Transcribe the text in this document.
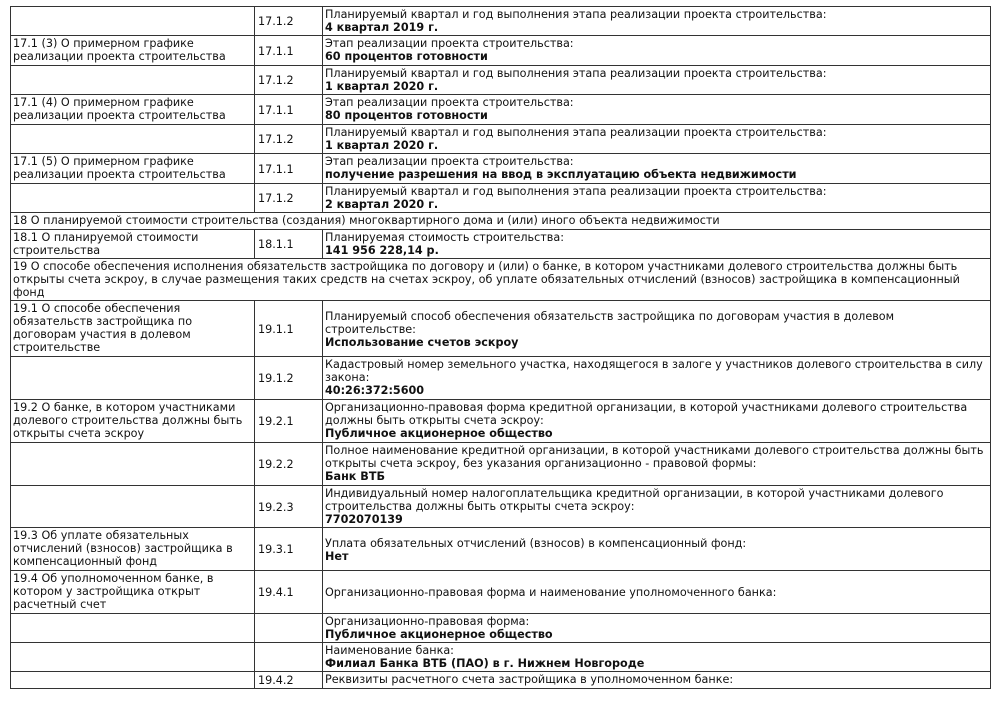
	17.1.2	Планируемый квартал и год выполнения этапа реализации проекта строительства:
4 квартал 2019 г.

17.1 (3) О примерном графике реализации проекта строительства	17.1.1	Этап реализации проекта строительства:
60 процентов готовности

	17.1.2	Планируемый квартал и год выполнения этапа реализации проекта строительства:
1 квартал 2020 г.

17.1 (4) О примерном графике реализации проекта строительства	17.1.1	Этап реализации проекта строительства:
80 процентов готовности

	17.1.2	Планируемый квартал и год выполнения этапа реализации проекта строительства:
1 квартал 2020 г.

17.1 (5) О примерном графике реализации проекта строительства	17.1.1	Этап реализации проекта строительства:
получение разрешения на ввод в эксплуатацию объекта недвижимости

	17.1.2	Планируемый квартал и год выполнения этапа реализации проекта строительства:
2 квартал 2020 г.

18 О планируемой стоимости строительства (создания) многоквартирного дома и (или) иного объекта недвижимости		
18.1 О планируемой стоимости строительства	18.1.1	Планируемая стоимость строительства:
141 956 228,14 р.

19 О способе обеспечения исполнения обязательств застройщика по договору и (или) о банке, в котором участниками долевого строительства должны быть открыты счета эскроу, в случае размещения таких средств на счетах эскроу, об уплате обязательных отчислений (взносов) застройщика в компенсационный фонд		
19.1 О способе обеспечения обязательств застройщика по договорам участия в долевом строительстве	19.1.1	Планируемый способ обеспечения обязательств застройщика по договорам участия в долевом строительстве:
Использование счетов эскроу

	19.1.2	Кадастровый номер земельного участка, находящегося в залоге у участников долевого строительства в силу закона:
40:26:372:5600

19.2 О банке, в котором участниками долевого строительства должны быть открыты счета эскроу	19.2.1	Организационно-правовая форма кредитной организации, в которой участниками долевого строительства должны быть открыты счета эскроу:
Публичное акционерное общество

	19.2.2	Полное наименование кредитной организации, в которой участниками долевого строительства должны быть открыты счета эскроу, без указания организационно - правовой формы:
Банк ВТБ

	19.2.3	Индивидуальный номер налогоплательщика кредитной организации, в которой участниками долевого строительства должны быть открыты счета эскроу:
7702070139

19.3 Об уплате обязательных отчислений (взносов) застройщика в компенсационный фонд	19.3.1	Уплата обязательных отчислений (взносов) в компенсационный фонд:
Нет

19.4 Об уполномоченном банке, в котором у застройщика открыт расчетный счет	19.4.1	Организационно-правовая форма и наименование уполномоченного банка:

		Организационно-правовая форма:
Публичное акционерное общество

		Наименование банка:
Филиал Банка ВТБ (ПАО) в г. Нижнем Новгороде

	19.4.2	Реквизиты расчетного счета застройщика в уполномоченном банке:
